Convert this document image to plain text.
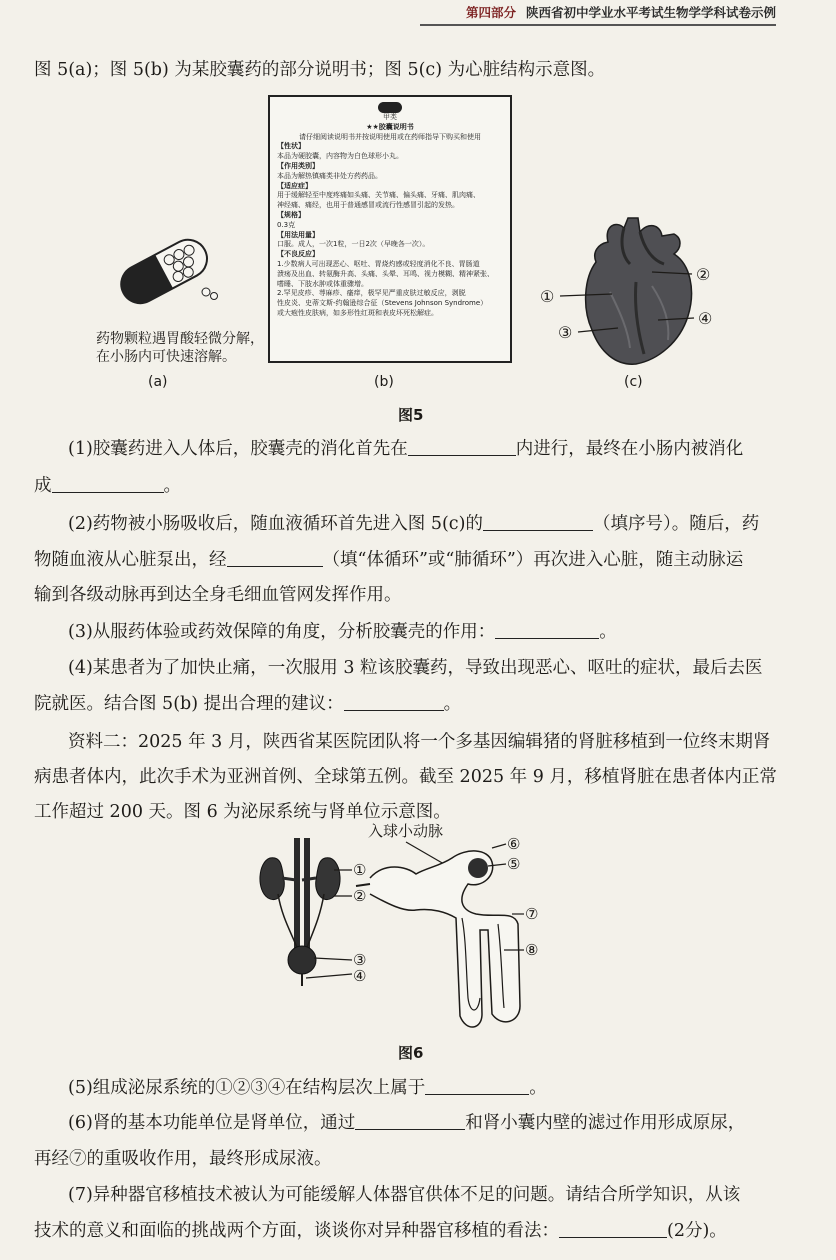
第四部分 陕西省初中学业水平考试生物学学科试卷示例
图 5(a)；图 5(b) 为某胶囊药的部分说明书；图 5(c) 为心脏结构示意图。
药物颗粒遇胃酸轻微分解，
在小肠内可快速溶解。
(a)
甲类
★★胶囊说明书
请仔细阅读说明书并按说明使用或在药师指导下购买和使用
【性状】
本品为硬胶囊，内容物为白色球形小丸。
【作用类别】
本品为解热镇痛类非处方药药品。
【适应症】
用于缓解轻至中度疼痛如头痛、关节痛、偏头痛、牙痛、肌肉痛、
神经痛、痛经，也用于普通感冒或流行性感冒引起的发热。
【规格】
0.3克
【用法用量】
口服。成人，一次1粒，一日2次（早晚各一次）。
【不良反应】
1.少数病人可出现恶心、呕吐、胃烧灼感或轻度消化不良、胃肠道
溃疡及出血、转氨酶升高、头痛、头晕、耳鸣、视力模糊、精神紧张、
嗜睡、下肢水肿或体重骤增。
2.罕见皮疹、荨麻疹、瘙痒，极罕见严重皮肤过敏反应，剥脱
性皮炎、史蒂文斯-约翰逊综合征（Stevens Johnson Syndrome）
或大疱性皮肤病，如多形性红斑和表皮坏死松解症。
(b)
①
②
③
④
(c)
图5
(1)胶囊药进入人体后，胶囊壳的消化首先在	内进行，最终在小肠内被消化
成	。
(2)药物被小肠吸收后，随血液循环首先进入图 5(c)的	（填序号）。随后，药
物随血液从心脏泵出，经	（填“体循环”或“肺循环”）再次进入心脏，随主动脉运
输到各级动脉再到达全身毛细血管网发挥作用。
(3)从服药体验或药效保障的角度，分析胶囊壳的作用：	。
(4)某患者为了加快止痛，一次服用 3 粒该胶囊药，导致出现恶心、呕吐的症状，最后去医
院就医。结合图 5(b) 提出合理的建议：	。
资料二：2025 年 3 月，陕西省某医院团队将一个多基因编辑猪的肾脏移植到一位终末期肾
病患者体内，此次手术为亚洲首例、全球第五例。截至 2025 年 9 月，移植肾脏在患者体内正常
工作超过 200 天。图 6 为泌尿系统与肾单位示意图。
入球小动脉
①
②
③
④
⑤
⑥
⑦
⑧
图6
(5)组成泌尿系统的①②③④在结构层次上属于	。
(6)肾的基本功能单位是肾单位，通过	和肾小囊内壁的滤过作用形成原尿，
再经⑦的重吸收作用，最终形成尿液。
(7)异种器官移植技术被认为可能缓解人体器官供体不足的问题。请结合所学知识，从该
技术的意义和面临的挑战两个方面，谈谈你对异种器官移植的看法：	(2分)。
